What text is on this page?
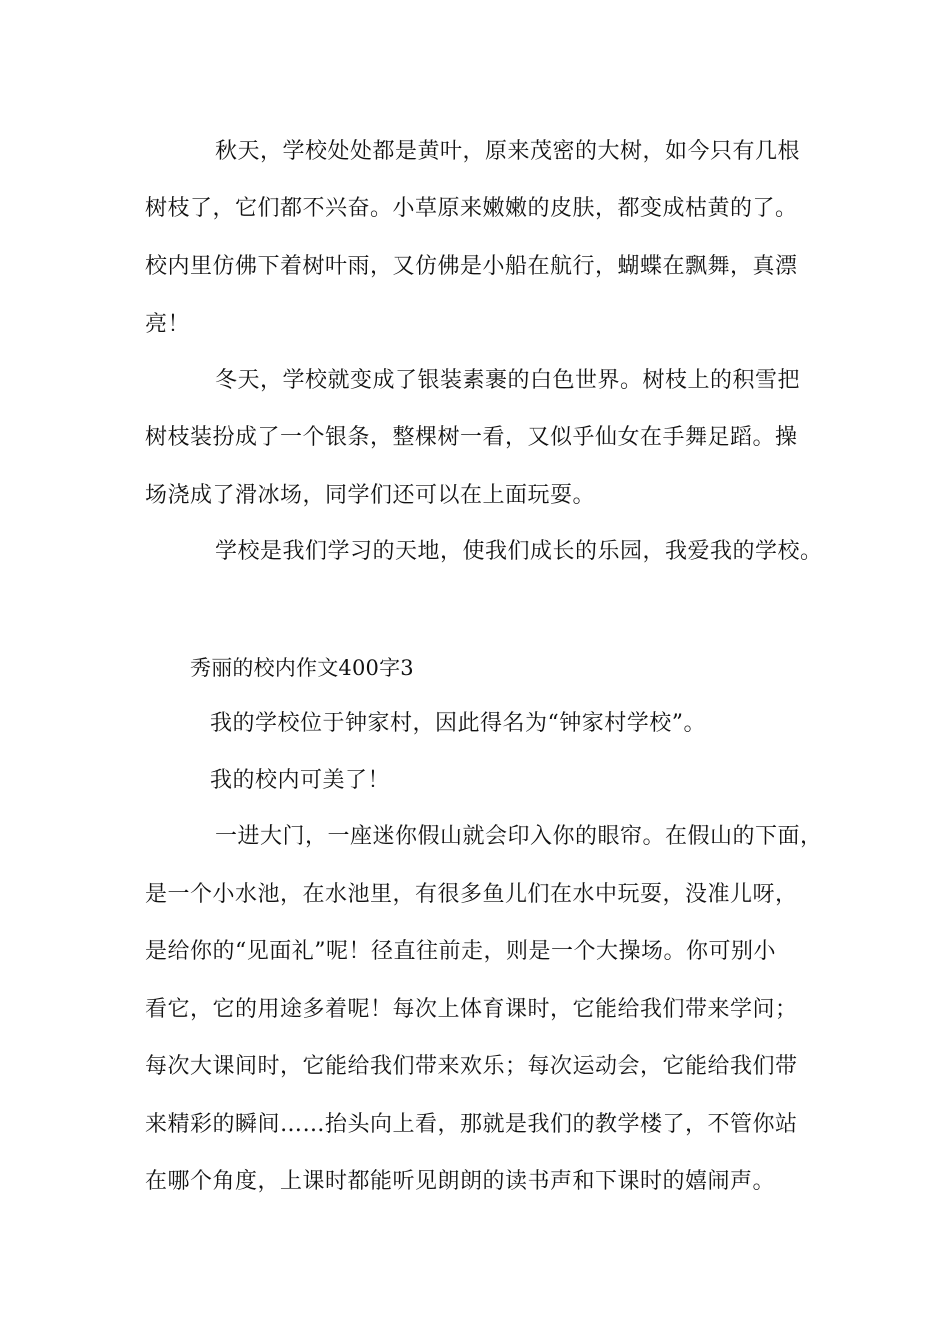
秋天，学校处处都是黄叶，原来茂密的大树，如今只有几根

树枝了，它们都不兴奋。小草原来嫩嫩的皮肤，都变成枯黄的了。

校内里仿佛下着树叶雨，又仿佛是小船在航行，蝴蝶在飘舞，真漂

亮！

冬天，学校就变成了银装素裹的白色世界。树枝上的积雪把

树枝装扮成了一个银条，整棵树一看，又似乎仙女在手舞足蹈。操

场浇成了滑冰场，同学们还可以在上面玩耍。

学校是我们学习的天地，使我们成长的乐园，我爱我的学校。

秀丽的校内作文400字3

我的学校位于钟家村，因此得名为“钟家村学校”。

我的校内可美了！

一进大门，一座迷你假山就会印入你的眼帘。在假山的下面，

是一个小水池，在水池里，有很多鱼儿们在水中玩耍，没准儿呀，

是给你的“见面礼”呢！径直往前走，则是一个大操场。你可别小

看它，它的用途多着呢！每次上体育课时，它能给我们带来学问；

每次大课间时，它能给我们带来欢乐；每次运动会，它能给我们带

来精彩的瞬间……抬头向上看，那就是我们的教学楼了，不管你站

在哪个角度，上课时都能听见朗朗的读书声和下课时的嬉闹声。
